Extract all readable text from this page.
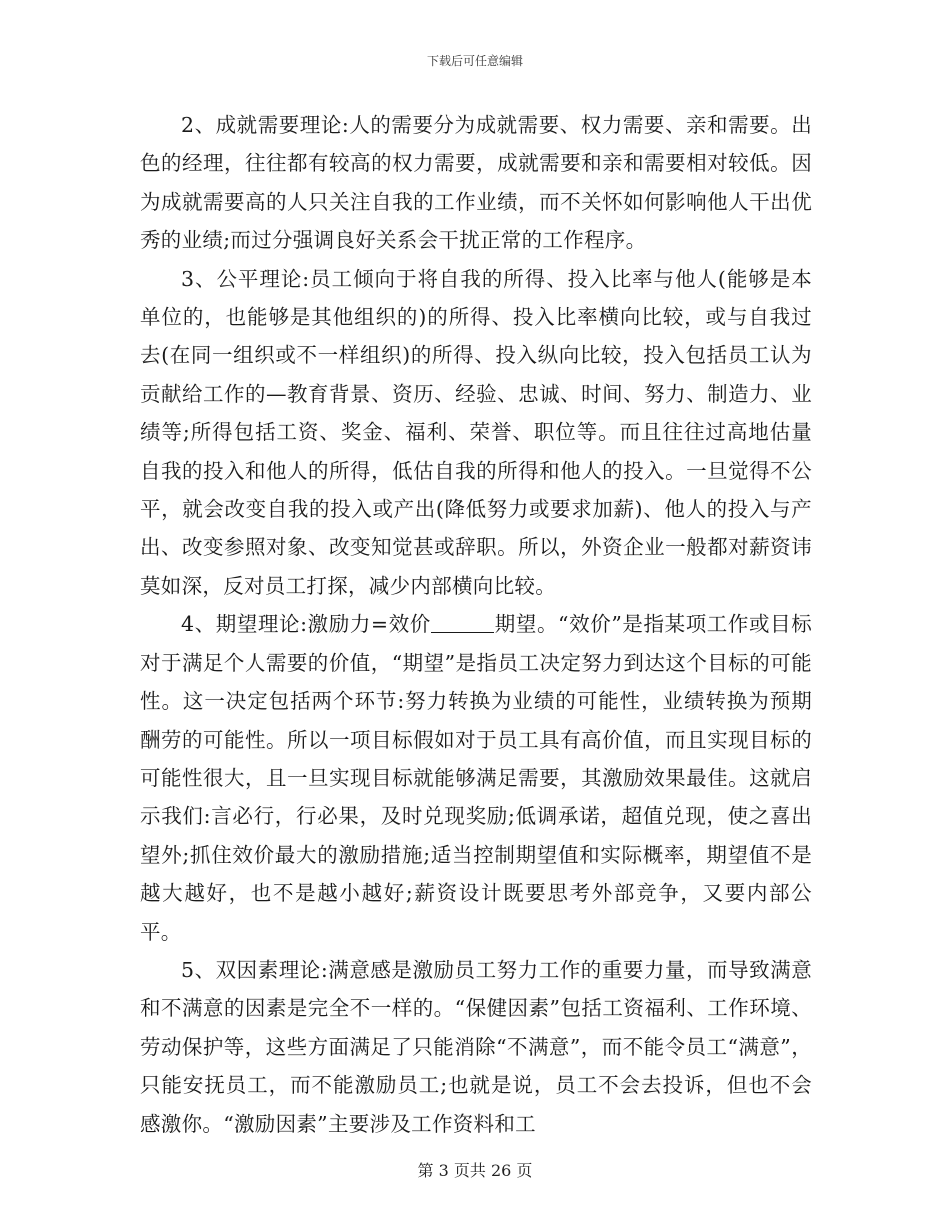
下载后可任意编辑

2、成就需要理论:人的需要分为成就需要、权力需要、亲和需要。出色的经理，往往都有较高的权力需要，成就需要和亲和需要相对较低。因为成就需要高的人只关注自我的工作业绩，而不关怀如何影响他人干出优秀的业绩;而过分强调良好关系会干扰正常的工作程序。

3、公平理论:员工倾向于将自我的所得、投入比率与他人(能够是本单位的，也能够是其他组织的)的所得、投入比率横向比较，或与自我过去(在同一组织或不一样组织)的所得、投入纵向比较，投入包括员工认为贡献给工作的—教育背景、资历、经验、忠诚、时间、努力、制造力、业绩等;所得包括工资、奖金、福利、荣誉、职位等。而且往往过高地估量自我的投入和他人的所得，低估自我的所得和他人的投入。一旦觉得不公平，就会改变自我的投入或产出(降低努力或要求加薪)、他人的投入与产出、改变参照对象、改变知觉甚或辞职。所以，外资企业一般都对薪资讳莫如深，反对员工打探，减少内部横向比较。

4、期望理论:激励力=效价	期望。“效价”是指某项工作或目标对于满足个人需要的价值，“期望”是指员工决定努力到达这个目标的可能性。这一决定包括两个环节:努力转换为业绩的可能性，业绩转换为预期酬劳的可能性。所以一项目标假如对于员工具有高价值，而且实现目标的可能性很大，且一旦实现目标就能够满足需要，其激励效果最佳。这就启示我们:言必行，行必果，及时兑现奖励;低调承诺，超值兑现，使之喜出望外;抓住效价最大的激励措施;适当控制期望值和实际概率，期望值不是越大越好，也不是越小越好;薪资设计既要思考外部竞争，又要内部公平。

5、双因素理论:满意感是激励员工努力工作的重要力量，而导致满意和不满意的因素是完全不一样的。“保健因素”包括工资福利、工作环境、劳动保护等，这些方面满足了只能消除“不满意”，而不能令员工“满意”，只能安抚员工，而不能激励员工;也就是说，员工不会去投诉，但也不会感激你。“激励因素”主要涉及工作资料和工

第 3 页共 26 页
